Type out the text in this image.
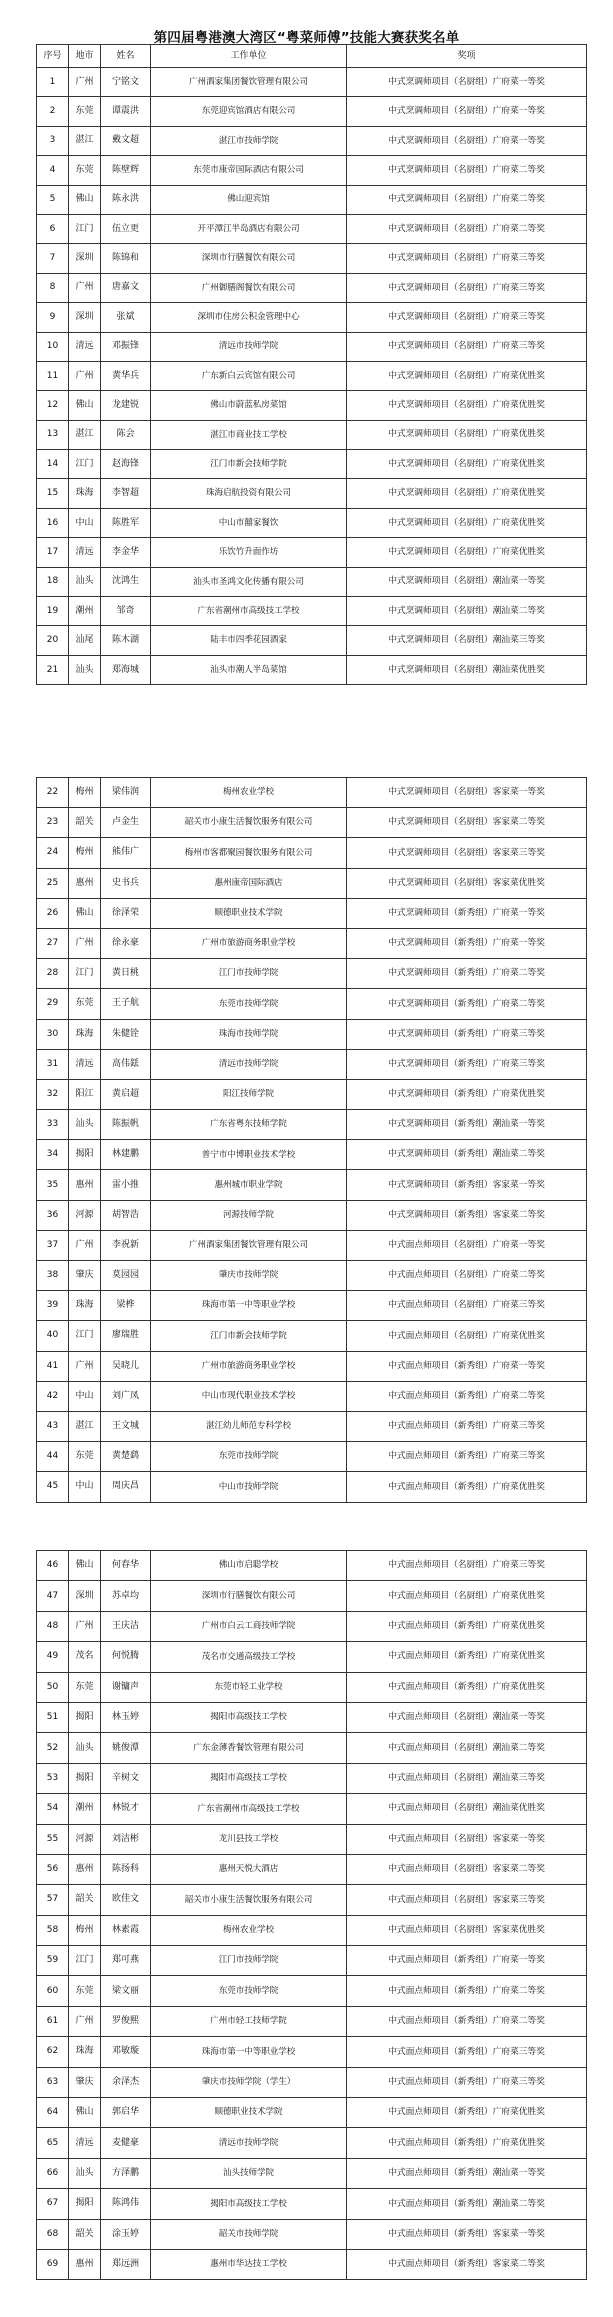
第四届粤港澳大湾区“粤菜师傅”技能大赛获奖名单
序号	地市	姓名	工作单位	奖项
1	广州	宁铭文	广州酒家集团餐饮管理有限公司	中式烹调师项目（名厨组）广府菜一等奖
2	东莞	谭震洪	东莞迎宾馆酒店有限公司	中式烹调师项目（名厨组）广府菜一等奖
3	湛江	戴文超	湛江市技师学院	中式烹调师项目（名厨组）广府菜一等奖
4	东莞	陈壁辉	东莞市康帝国际酒店有限公司	中式烹调师项目（名厨组）广府菜二等奖
5	佛山	陈永洪	佛山迎宾馆	中式烹调师项目（名厨组）广府菜二等奖
6	江门	伍立更	开平潭江半岛酒店有限公司	中式烹调师项目（名厨组）广府菜二等奖
7	深圳	陈锦和	深圳市行膳餐饮有限公司	中式烹调师项目（名厨组）广府菜三等奖
8	广州	唐嘉文	广州御膳阁餐饮有限公司	中式烹调师项目（名厨组）广府菜三等奖
9	深圳	张斌	深圳市住房公积金管理中心	中式烹调师项目（名厨组）广府菜三等奖
10	清远	邓振锋	清远市技师学院	中式烹调师项目（名厨组）广府菜三等奖
11	广州	黄华兵	广东新白云宾馆有限公司	中式烹调师项目（名厨组）广府菜优胜奖
12	佛山	龙建锐	佛山市蔚蓝私房菜馆	中式烹调师项目（名厨组）广府菜优胜奖
13	湛江	陈会	湛江市商业技工学校	中式烹调师项目（名厨组）广府菜优胜奖
14	江门	赵海锋	江门市新会技师学院	中式烹调师项目（名厨组）广府菜优胜奖
15	珠海	李智超	珠海启航投资有限公司	中式烹调师项目（名厨组）广府菜优胜奖
16	中山	陈胜军	中山市囍家餐饮	中式烹调师项目（名厨组）广府菜优胜奖
17	清远	李金华	乐饮竹升面作坊	中式烹调师项目（名厨组）广府菜优胜奖
18	汕头	沈鸿生	汕头市圣鸿文化传播有限公司	中式烹调师项目（名厨组）潮汕菜一等奖
19	潮州	邹奇	广东省潮州市高级技工学校	中式烹调师项目（名厨组）潮汕菜二等奖
20	汕尾	陈木湖	陆丰市四季花园酒家	中式烹调师项目（名厨组）潮汕菜三等奖
21	汕头	郑海城	汕头市潮人半岛菜馆	中式烹调师项目（名厨组）潮汕菜优胜奖
22	梅州	梁伟润	梅州农业学校	中式烹调师项目（名厨组）客家菜一等奖
23	韶关	卢金生	韶关市小康生活餐饮服务有限公司	中式烹调师项目（名厨组）客家菜二等奖
24	梅州	熊伟广	梅州市客都聚园餐饮服务有限公司	中式烹调师项目（名厨组）客家菜三等奖
25	惠州	史书兵	惠州康帝国际酒店	中式烹调师项目（名厨组）客家菜优胜奖
26	佛山	徐泽荣	顺德职业技术学院	中式烹调师项目（新秀组）广府菜一等奖
27	广州	徐永豪	广州市旅游商务职业学校	中式烹调师项目（新秀组）广府菜一等奖
28	江门	黄日桃	江门市技师学院	中式烹调师项目（新秀组）广府菜二等奖
29	东莞	王子航	东莞市技师学院	中式烹调师项目（新秀组）广府菜二等奖
30	珠海	朱健铨	珠海市技师学院	中式烹调师项目（新秀组）广府菜三等奖
31	清远	高伟銩	清远市技师学院	中式烹调师项目（新秀组）广府菜三等奖
32	阳江	黄启超	阳江技师学院	中式烹调师项目（新秀组）广府菜优胜奖
33	汕头	陈振帆	广东省粤东技师学院	中式烹调师项目（新秀组）潮汕菜一等奖
34	揭阳	林建鹏	普宁市中博职业技术学校	中式烹调师项目（新秀组）潮汕菜二等奖
35	惠州	雷小推	惠州城市职业学院	中式烹调师项目（新秀组）客家菜一等奖
36	河源	胡智浩	河源技师学院	中式烹调师项目（新秀组）客家菜二等奖
37	广州	李祝新	广州酒家集团餐饮管理有限公司	中式面点师项目（名厨组）广府菜一等奖
38	肇庆	莫园园	肇庆市技师学院	中式面点师项目（名厨组）广府菜二等奖
39	珠海	梁桦	珠海市第一中等职业学校	中式面点师项目（名厨组）广府菜三等奖
40	江门	廖瑞胜	江门市新会技师学院	中式面点师项目（名厨组）广府菜优胜奖
41	广州	吴晓儿	广州市旅游商务职业学校	中式面点师项目（新秀组）广府菜一等奖
42	中山	刘广凤	中山市现代职业技术学校	中式面点师项目（新秀组）广府菜二等奖
43	湛江	王文城	湛江幼儿师范专科学校	中式面点师项目（新秀组）广府菜三等奖
44	东莞	黄楚鹞	东莞市技师学院	中式面点师项目（新秀组）广府菜三等奖
45	中山	周庆昌	中山市技师学院	中式面点师项目（新秀组）广府菜优胜奖
46	佛山	何春华	佛山市启聪学校	中式面点师项目（名厨组）广府菜三等奖
47	深圳	苏卓均	深圳市行膳餐饮有限公司	中式面点师项目（名厨组）广府菜优胜奖
48	广州	王庆洁	广州市白云工商技师学院	中式面点师项目（新秀组）广府菜优胜奖
49	茂名	何悦腾	茂名市交通高级技工学校	中式面点师项目（新秀组）广府菜优胜奖
50	东莞	谢镛声	东莞市轻工业学校	中式面点师项目（新秀组）广府菜优胜奖
51	揭阳	林玉婷	揭阳市高级技工学校	中式面点师项目（名厨组）潮汕菜一等奖
52	汕头	姚俊潭	广东金薄香餐饮管理有限公司	中式面点师项目（名厨组）潮汕菜二等奖
53	揭阳	辛树文	揭阳市高级技工学校	中式面点师项目（名厨组）潮汕菜三等奖
54	潮州	林锐才	广东省潮州市高级技工学校	中式面点师项目（名厨组）潮汕菜优胜奖
55	河源	刘洁彬	龙川县技工学校	中式面点师项目（名厨组）客家菜一等奖
56	惠州	陈扬科	惠州天悦大酒店	中式面点师项目（名厨组）客家菜二等奖
57	韶关	欧佳文	韶关市小康生活餐饮服务有限公司	中式面点师项目（名厨组）客家菜三等奖
58	梅州	林素霞	梅州农业学校	中式面点师项目（名厨组）客家菜优胜奖
59	江门	郑可燕	江门市技师学院	中式面点师项目（新秀组）广府菜一等奖
60	东莞	梁文丽	东莞市技师学院	中式面点师项目（新秀组）广府菜二等奖
61	广州	罗俊熙	广州市轻工技师学院	中式面点师项目（新秀组）广府菜二等奖
62	珠海	邓敏璇	珠海市第一中等职业学校	中式面点师项目（新秀组）广府菜三等奖
63	肇庆	余泽杰	肇庆市技师学院（学生）	中式面点师项目（新秀组）广府菜三等奖
64	佛山	郭启华	顺德职业技术学院	中式面点师项目（新秀组）广府菜优胜奖
65	清远	麦健豪	清远市技师学院	中式面点师项目（新秀组）广府菜优胜奖
66	汕头	方泽鹏	汕头技师学院	中式面点师项目（新秀组）潮汕菜一等奖
67	揭阳	陈鸿伟	揭阳市高级技工学校	中式面点师项目（新秀组）潮汕菜二等奖
68	韶关	涂玉婷	韶关市技师学院	中式面点师项目（新秀组）客家菜一等奖
69	惠州	郑远洲	惠州市华达技工学校	中式面点师项目（新秀组）客家菜二等奖
